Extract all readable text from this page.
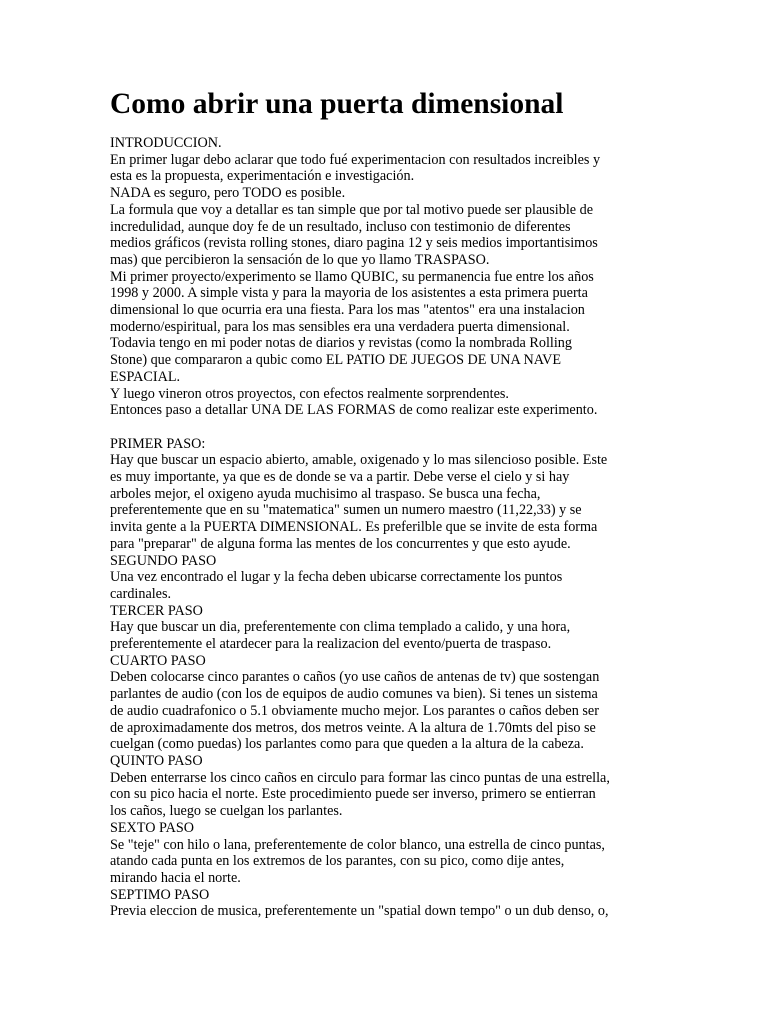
Como abrir una puerta dimensional
INTRODUCCION.
En primer lugar debo aclarar que todo fué experimentacion con resultados increibles y
esta es la propuesta, experimentación e investigación.
NADA es seguro, pero TODO es posible.
La formula que voy a detallar es tan simple que por tal motivo puede ser plausible de
incredulidad, aunque doy fe de un resultado, incluso con testimonio de diferentes
medios gráficos (revista rolling stones, diaro pagina 12 y seis medios importantisimos
mas) que percibieron la sensación de lo que yo llamo TRASPASO.
Mi primer proyecto/experimento se llamo QUBIC, su permanencia fue entre los años
1998 y 2000. A simple vista y para la mayoria de los asistentes a esta primera puerta
dimensional lo que ocurria era una fiesta. Para los mas "atentos" era una instalacion
moderno/espiritual, para los mas sensibles era una verdadera puerta dimensional.
Todavia tengo en mi poder notas de diarios y revistas (como la nombrada Rolling
Stone) que compararon a qubic como EL PATIO DE JUEGOS DE UNA NAVE
ESPACIAL.
Y luego vineron otros proyectos, con efectos realmente sorprendentes.
Entonces paso a detallar UNA DE LAS FORMAS de como realizar este experimento.
PRIMER PASO:
Hay que buscar un espacio abierto, amable, oxigenado y lo mas silencioso posible. Este
es muy importante, ya que es de donde se va a partir. Debe verse el cielo y si hay
arboles mejor, el oxigeno ayuda muchisimo al traspaso. Se busca una fecha,
preferentemente que en su "matematica" sumen un numero maestro (11,22,33) y se
invita gente a la PUERTA DIMENSIONAL. Es preferilble que se invite de esta forma
para "preparar" de alguna forma las mentes de los concurrentes y que esto ayude.
SEGUNDO PASO
Una vez encontrado el lugar y la fecha deben ubicarse correctamente los puntos
cardinales.
TERCER PASO
Hay que buscar un dia, preferentemente con clima templado a calido, y una hora,
preferentemente el atardecer para la realizacion del evento/puerta de traspaso.
CUARTO PASO
Deben colocarse cinco parantes o caños (yo use caños de antenas de tv) que sostengan
parlantes de audio (con los de equipos de audio comunes va bien). Si tenes un sistema
de audio cuadrafonico o 5.1 obviamente mucho mejor. Los parantes o caños deben ser
de aproximadamente dos metros, dos metros veinte. A la altura de 1.70mts del piso se
cuelgan (como puedas) los parlantes como para que queden a la altura de la cabeza.
QUINTO PASO
Deben enterrarse los cinco caños en circulo para formar las cinco puntas de una estrella,
con su pico hacia el norte. Este procedimiento puede ser inverso, primero se entierran
los caños, luego se cuelgan los parlantes.
SEXTO PASO
Se "teje" con hilo o lana, preferentemente de color blanco, una estrella de cinco puntas,
atando cada punta en los extremos de los parantes, con su pico, como dije antes,
mirando hacia el norte.
SEPTIMO PASO
Previa eleccion de musica, preferentemente un "spatial down tempo" o un dub denso, o,
